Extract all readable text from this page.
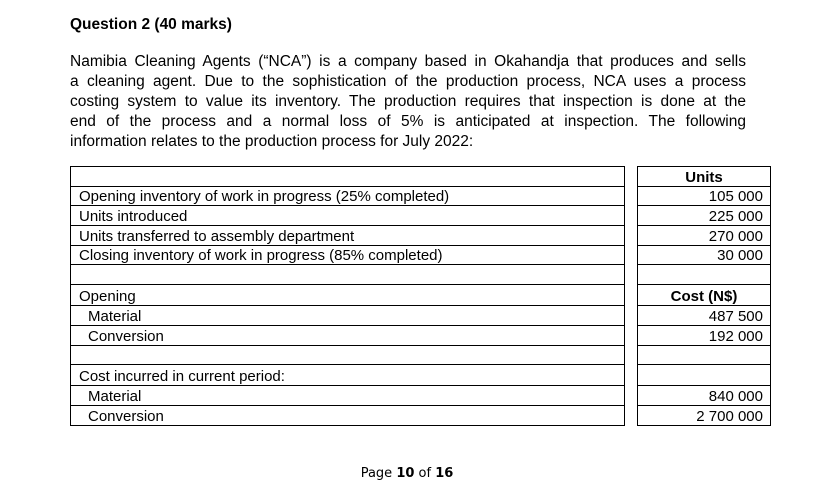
Question 2 (40 marks)
Namibia Cleaning Agents (“NCA”) is a company based in Okahandja that produces and sells
a cleaning agent. Due to the sophistication of the production process, NCA uses a process
costing system to value its inventory. The production requires that inspection is done at the
end of the process and a normal loss of 5% is anticipated at inspection. The following
information relates to the production process for July 2022:
		Units
Opening inventory of work in progress (25% completed)		105 000
Units introduced		225 000
Units transferred to assembly department		270 000
Closing inventory of work in progress (85% completed)		30 000

Opening		Cost (N$)
Material		487 500
Conversion		192 000

Cost incurred in current period:		
Material		840 000
Conversion		2 700 000
Page 10 of 16
